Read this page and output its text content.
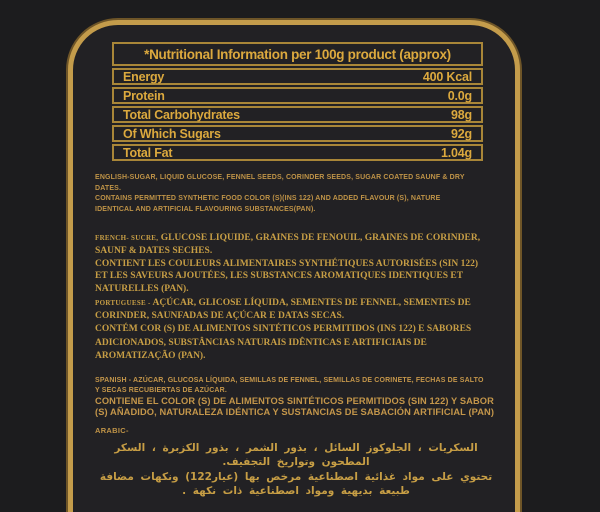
*Nutritional Information per 100g product (approx)
Energy	400 Kcal
Protein	0.0g
Total Carbohydrates	98g
Of Which Sugars	92g
Total Fat	1.04g
ENGLISH-SUGAR, LIQUID GLUCOSE, FENNEL SEEDS, CORINDER SEEDS, SUGAR COATED SAUNF & DRY
DATES.
CONTAINS PERMITTED SYNTHETIC FOOD COLOR (S)(INS 122) AND ADDED FLAVOUR (S), NATURE
IDENTICAL AND ARTIFICIAL FLAVOURING SUBSTANCES(PAN).
FRENCH- SUCRE, GLUCOSE LIQUIDE, GRAINES DE FENOUIL, GRAINES DE CORINDER,
SAUNF & DATES SECHES.
CONTIENT LES COULEURS ALIMENTAIRES SYNTHÉTIQUES AUTORISÉES (SIN 122)
ET LES SAVEURS AJOUTÉES, LES SUBSTANCES AROMATIQUES IDENTIQUES ET
NATURELLES (PAN).
PORTUGUESE - AÇÚCAR, GLICOSE LÍQUIDA, SEMENTES DE FENNEL, SEMENTES DE
CORINDER, SAUNFADAS DE AÇÚCAR E DATAS SECAS.
CONTÉM COR (S) DE ALIMENTOS SINTÉTICOS PERMITIDOS (INS 122) E SABORES
ADICIONADOS, SUBSTÂNCIAS NATURAIS IDÊNTICAS E ARTIFICIAIS DE
AROMATIZAÇÃO (PAN).
SPANISH - AZÚCAR, GLUCOSA LÍQUIDA, SEMILLAS DE FENNEL, SEMILLAS DE CORINETE, FECHAS DE SALTO
Y SECAS RECUBIERTAS DE AZÚCAR.
CONTIENE EL COLOR (S) DE ALIMENTOS SINTÉTICOS PERMITIDOS (SIN 122) Y SABOR
(S) AÑADIDO, NATURALEZA IDÉNTICA Y SUSTANCIAS DE SABACIÓN ARTIFICIAL (PAN)
ARABIC-
السكريات ، الجلوكوز السائل ، بذور الشمر ، بذور الكزبرة ، السكر
المطحون وتواريخ التجفيف.
تحتوي على مواد غذائية اصطناعية مرخص بها (عيار122) ونكهات مضافة
طبيعة بديهية ومواد اصطناعية ذات نكهة .
